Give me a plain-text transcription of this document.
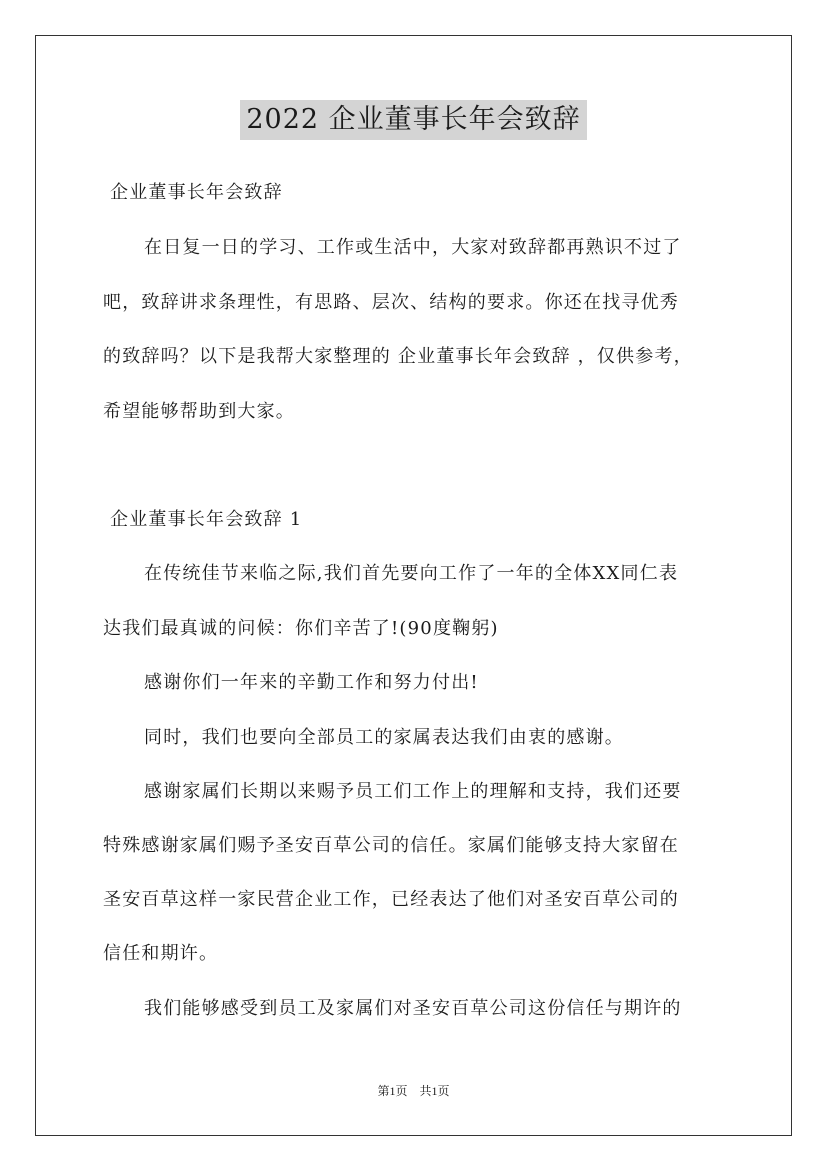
2022 企业董事长年会致辞
企业董事长年会致辞
在日复一日的学习、工作或生活中，大家对致辞都再熟识不过了
吧，致辞讲求条理性，有思路、层次、结构的要求。你还在找寻优秀
的致辞吗？以下是我帮大家整理的 企业董事长年会致辞 ，仅供参考，
希望能够帮助到大家。
企业董事长年会致辞 1
在传统佳节来临之际,我们首先要向工作了一年的全体XX同仁表
达我们最真诚的问候：你们辛苦了!(90度鞠躬)
感谢你们一年来的辛勤工作和努力付出!
同时，我们也要向全部员工的家属表达我们由衷的感谢。
感谢家属们长期以来赐予员工们工作上的理解和支持，我们还要
特殊感谢家属们赐予圣安百草公司的信任。家属们能够支持大家留在
圣安百草这样一家民营企业工作，已经表达了他们对圣安百草公司的
信任和期许。
我们能够感受到员工及家属们对圣安百草公司这份信任与期许的
第1页　共1页
